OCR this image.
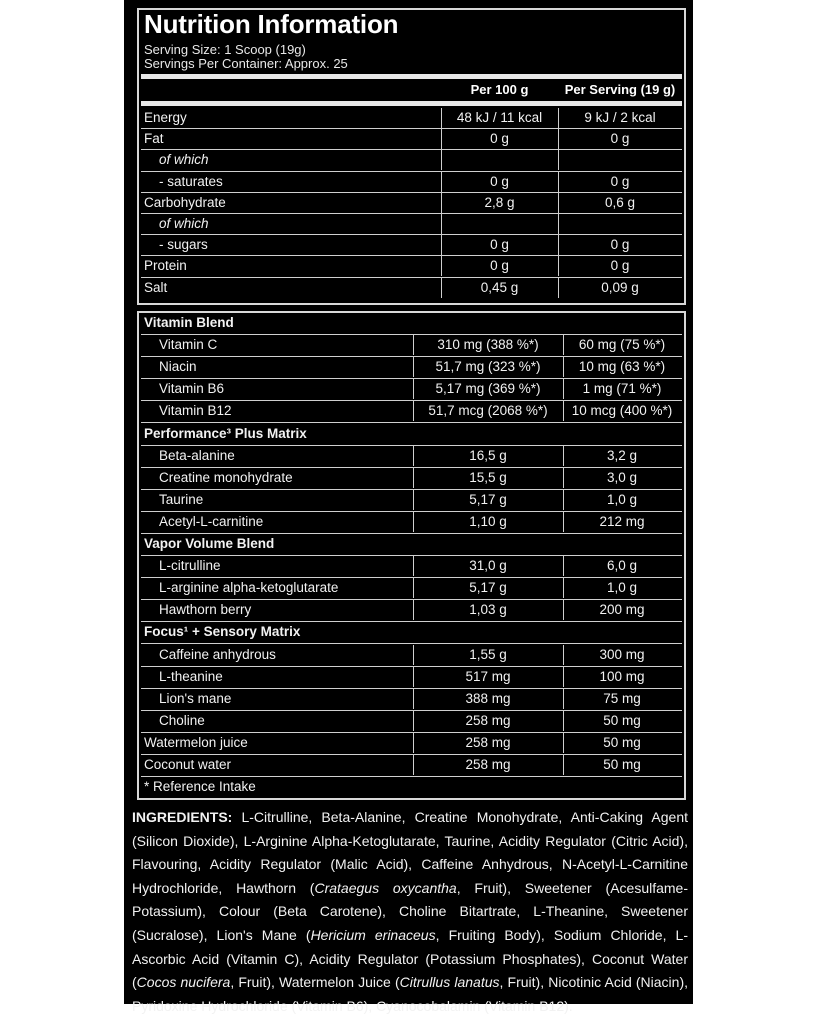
Nutrition Information
Serving Size: 1 Scoop (19g)
Servings Per Container: Approx. 25
Per 100 g	Per Serving (19 g)
Energy	48 kJ / 11 kcal	9 kJ / 2 kcal
Fat	0 g	0 g
of which
- saturates	0 g	0 g
Carbohydrate	2,8 g	0,6 g
of which
- sugars	0 g	0 g
Protein	0 g	0 g
Salt	0,45 g	0,09 g
Vitamin Blend
Vitamin C	310 mg (388 %*)	60 mg (75 %*)
Niacin	51,7 mg (323 %*)	10 mg (63 %*)
Vitamin B6	5,17 mg (369 %*)	1 mg (71 %*)
Vitamin B12	51,7 mcg (2068 %*)	10 mcg (400 %*)
Performance³ Plus Matrix
Beta-alanine	16,5 g	3,2 g
Creatine monohydrate	15,5 g	3,0 g
Taurine	5,17 g	1,0 g
Acetyl-L-carnitine	1,10 g	212 mg
Vapor Volume Blend
L-citrulline	31,0 g	6,0 g
L-arginine alpha-ketoglutarate	5,17 g	1,0 g
Hawthorn berry	1,03 g	200 mg
Focus¹ + Sensory Matrix
Caffeine anhydrous	1,55 g	300 mg
L-theanine	517 mg	100 mg
Lion's mane	388 mg	75 mg
Choline	258 mg	50 mg
Watermelon juice	258 mg	50 mg
Coconut water	258 mg	50 mg
* Reference Intake
INGREDIENTS: L-Citrulline, Beta-Alanine, Creatine Monohydrate, Anti-Caking Agent (Silicon Dioxide), L-Arginine Alpha-Ketoglutarate, Taurine, Acidity Regulator (Citric Acid), Flavouring, Acidity Regulator (Malic Acid), Caffeine Anhydrous, N-Acetyl-L-Carnitine Hydrochloride, Hawthorn (Crataegus oxycantha, Fruit), Sweetener (Acesulfame-Potassium), Colour (Beta Carotene), Choline Bitartrate, L-Theanine, Sweetener (Sucralose), Lion's Mane (Hericium erinaceus, Fruiting Body), Sodium Chloride, L-Ascorbic Acid (Vitamin C), Acidity Regulator (Potassium Phosphates), Coconut Water (Cocos nucifera, Fruit), Watermelon Juice (Citrullus lanatus, Fruit), Nicotinic Acid (Niacin), Pyridoxine Hydrochloride (Vitamin B6), Cyanocobalamin (Vitamin B12).
